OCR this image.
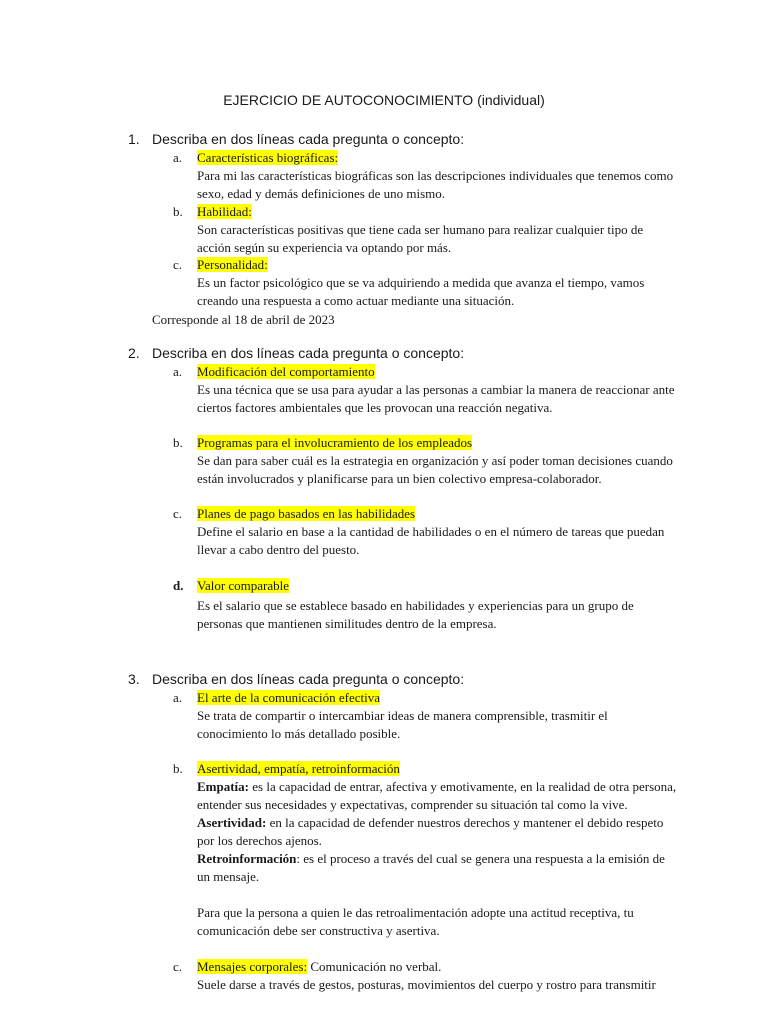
EJERCICIO DE AUTOCONOCIMIENTO (individual)
1. Describa en dos líneas cada pregunta o concepto:
a. Características biográficas:
Para mi las características biográficas son las descripciones individuales que tenemos como sexo, edad y demás definiciones de uno mismo.
b. Habilidad:
Son características positivas que tiene cada ser humano para realizar cualquier tipo de acción según su experiencia va optando por más.
c. Personalidad:
Es un factor psicológico que se va adquiriendo a medida que avanza el tiempo, vamos creando una respuesta a como actuar mediante una situación.
Corresponde al 18 de abril de 2023
2. Describa en dos líneas cada pregunta o concepto:
a. Modificación del comportamiento
Es una técnica que se usa para ayudar a las personas a cambiar la manera de reaccionar ante ciertos factores ambientales que les provocan una reacción negativa.
b. Programas para el involucramiento de los empleados
Se dan para saber cuál es la estrategia en organización y así poder toman decisiones cuando están involucrados y planificarse para un bien colectivo empresa-colaborador.
c. Planes de pago basados en las habilidades
Define el salario en base a la cantidad de habilidades o en el número de tareas que puedan llevar a cabo dentro del puesto.
d. Valor comparable
Es el salario que se establece basado en habilidades y experiencias para un grupo de personas que mantienen similitudes dentro de la empresa.
3. Describa en dos líneas cada pregunta o concepto:
a. El arte de la comunicación efectiva
Se trata de compartir o intercambiar ideas de manera comprensible, trasmitir el conocimiento lo más detallado posible.
b. Asertividad, empatía, retroinformación
Empatía: es la capacidad de entrar, afectiva y emotivamente, en la realidad de otra persona, entender sus necesidades y expectativas, comprender su situación tal como la vive.
Asertividad: en la capacidad de defender nuestros derechos y mantener el debido respeto por los derechos ajenos.
Retroinformación: es el proceso a través del cual se genera una respuesta a la emisión de un mensaje.
Para que la persona a quien le das retroalimentación adopte una actitud receptiva, tu comunicación debe ser constructiva y asertiva.
c. Mensajes corporales: Comunicación no verbal.
Suele darse a través de gestos, posturas, movimientos del cuerpo y rostro para transmitir
